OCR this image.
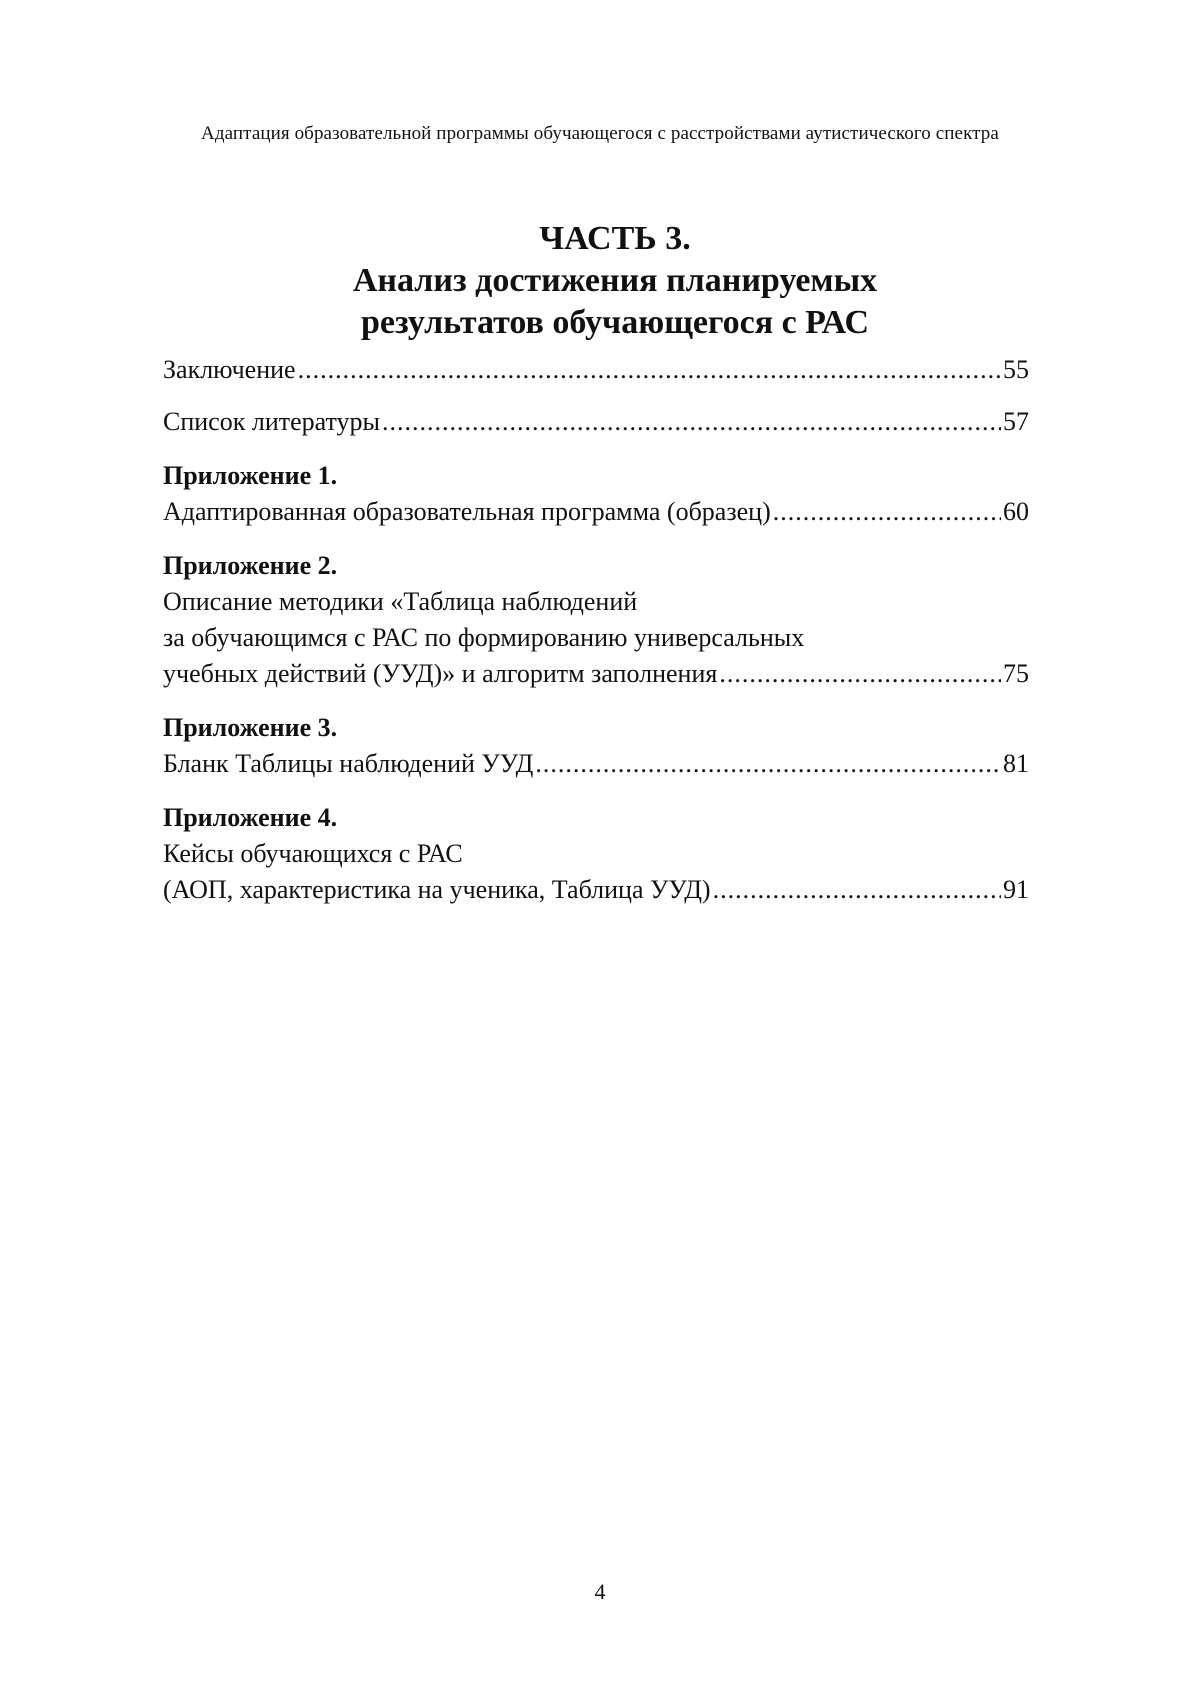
Адаптация образовательной программы обучающегося с расстройствами аутистического спектра
ЧАСТЬ 3.
Анализ достижения планируемых
результатов обучающегося с РАС
Заключение .....	55
Список литературы .....	57
Приложение 1.
Адаптированная образовательная программа (образец) .....	60
Приложение 2.
Описание методики «Таблица наблюдений
за обучающимся с РАС по формированию универсальных
учебных действий (УУД)» и алгоритм заполнения .....	75
Приложение 3.
Бланк Таблицы наблюдений УУД .....	81
Приложение 4.
Кейсы обучающихся с РАС
(АОП, характеристика на ученика, Таблица УУД) .....	91
4
